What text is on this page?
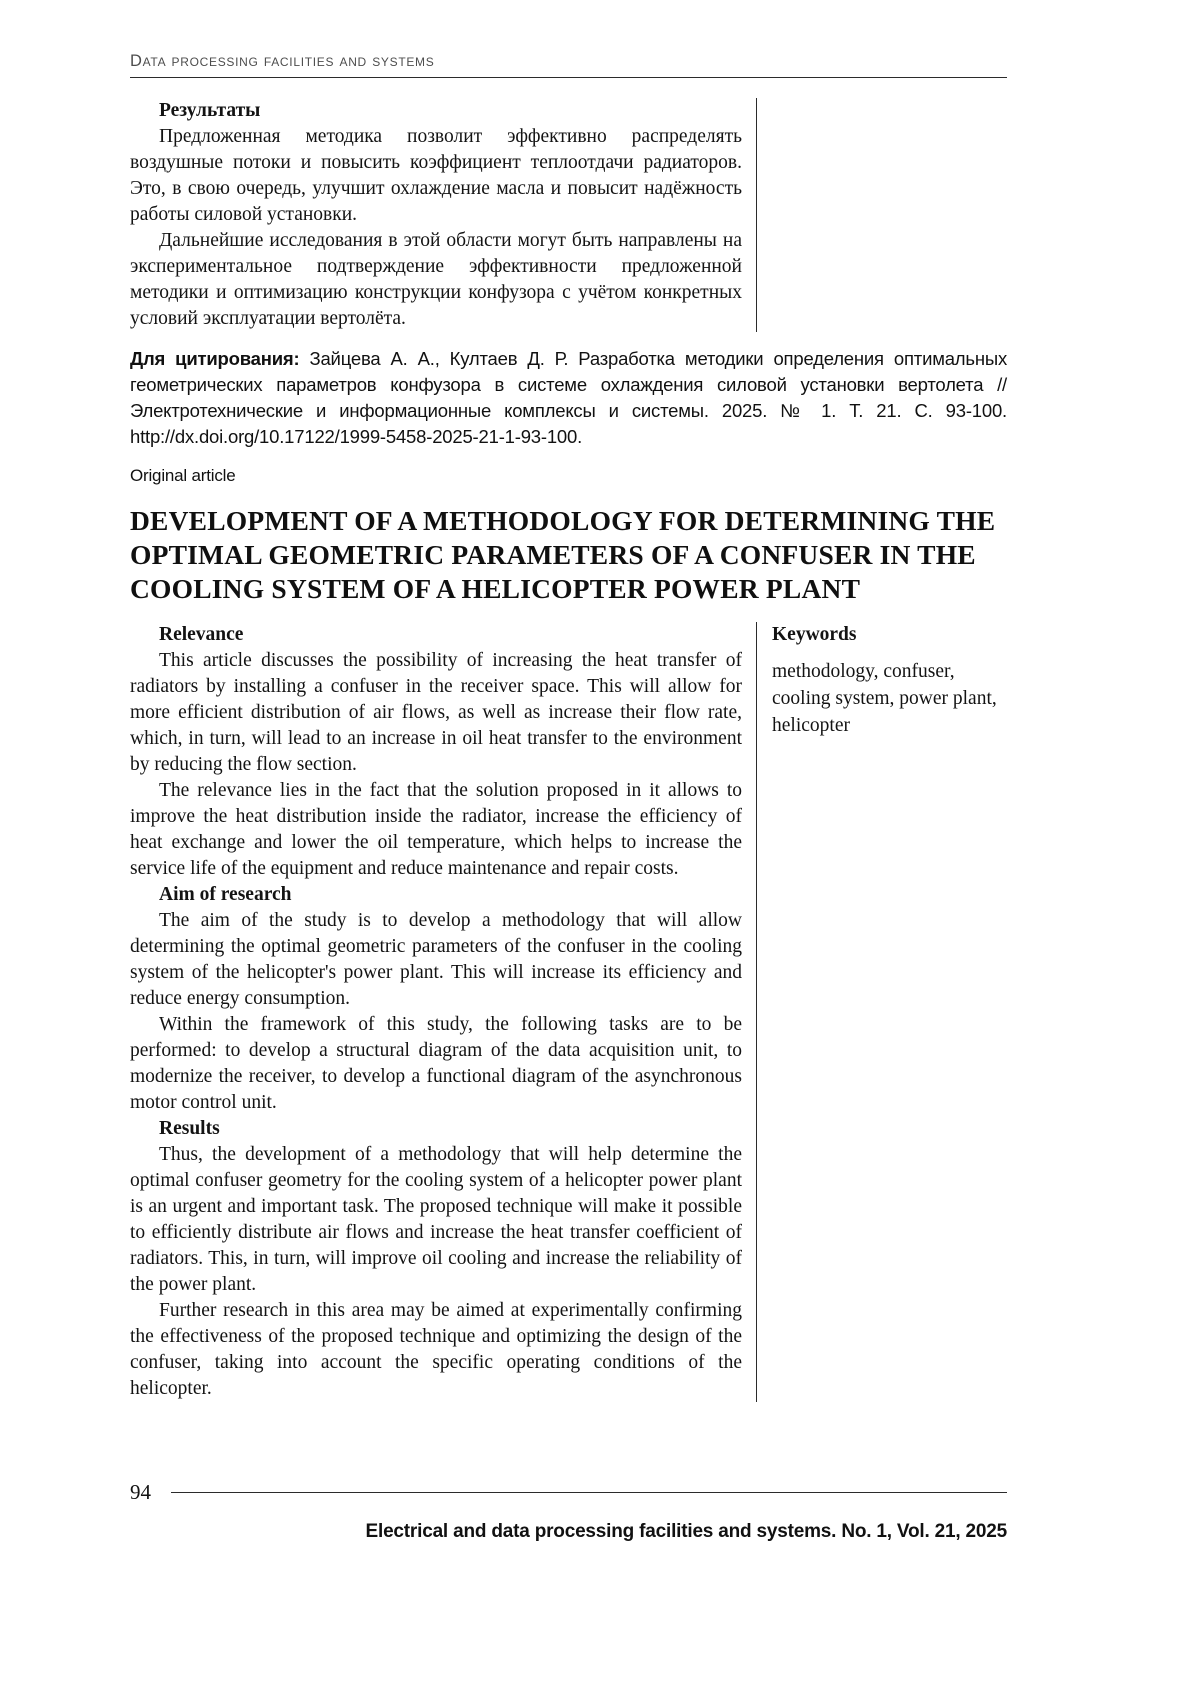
Data processing facilities and systems
Результаты
Предложенная методика позволит эффективно распределять воздушные потоки и повысить коэффициент теплоотдачи радиаторов. Это, в свою очередь, улучшит охлаждение масла и повысит надёжность работы силовой установки.
Дальнейшие исследования в этой области могут быть направлены на экспериментальное подтверждение эффективности предложенной методики и оптимизацию конструкции конфузора с учётом конкретных условий эксплуатации вертолёта.
Для цитирования: Зайцева А. А., Култаев Д. Р. Разработка методики определения оптимальных геометрических параметров конфузора в системе охлаждения силовой установки вертолета // Электротехнические и информационные комплексы и системы. 2025. № 1. Т. 21. С. 93-100. http://dx.doi.org/10.17122/1999-5458-2025-21-1-93-100.
Original article
DEVELOPMENT OF A METHODOLOGY FOR DETERMINING THE OPTIMAL GEOMETRIC PARAMETERS OF A CONFUSER IN THE COOLING SYSTEM OF A HELICOPTER POWER PLANT
Relevance
This article discusses the possibility of increasing the heat transfer of radiators by installing a confuser in the receiver space. This will allow for more efficient distribution of air flows, as well as increase their flow rate, which, in turn, will lead to an increase in oil heat transfer to the environment by reducing the flow section.
The relevance lies in the fact that the solution proposed in it allows to improve the heat distribution inside the radiator, increase the efficiency of heat exchange and lower the oil temperature, which helps to increase the service life of the equipment and reduce maintenance and repair costs.
Aim of research
The aim of the study is to develop a methodology that will allow determining the optimal geometric parameters of the confuser in the cooling system of the helicopter's power plant. This will increase its efficiency and reduce energy consumption.
Within the framework of this study, the following tasks are to be performed: to develop a structural diagram of the data acquisition unit, to modernize the receiver, to develop a functional diagram of the asynchronous motor control unit.
Results
Thus, the development of a methodology that will help determine the optimal confuser geometry for the cooling system of a helicopter power plant is an urgent and important task. The proposed technique will make it possible to efficiently distribute air flows and increase the heat transfer coefficient of radiators. This, in turn, will improve oil cooling and increase the reliability of the power plant.
Further research in this area may be aimed at experimentally confirming the effectiveness of the proposed technique and optimizing the design of the confuser, taking into account the specific operating conditions of the helicopter.
Keywords
methodology, confuser, cooling system, power plant, helicopter
94
Electrical and data processing facilities and systems. No. 1, Vol. 21, 2025
